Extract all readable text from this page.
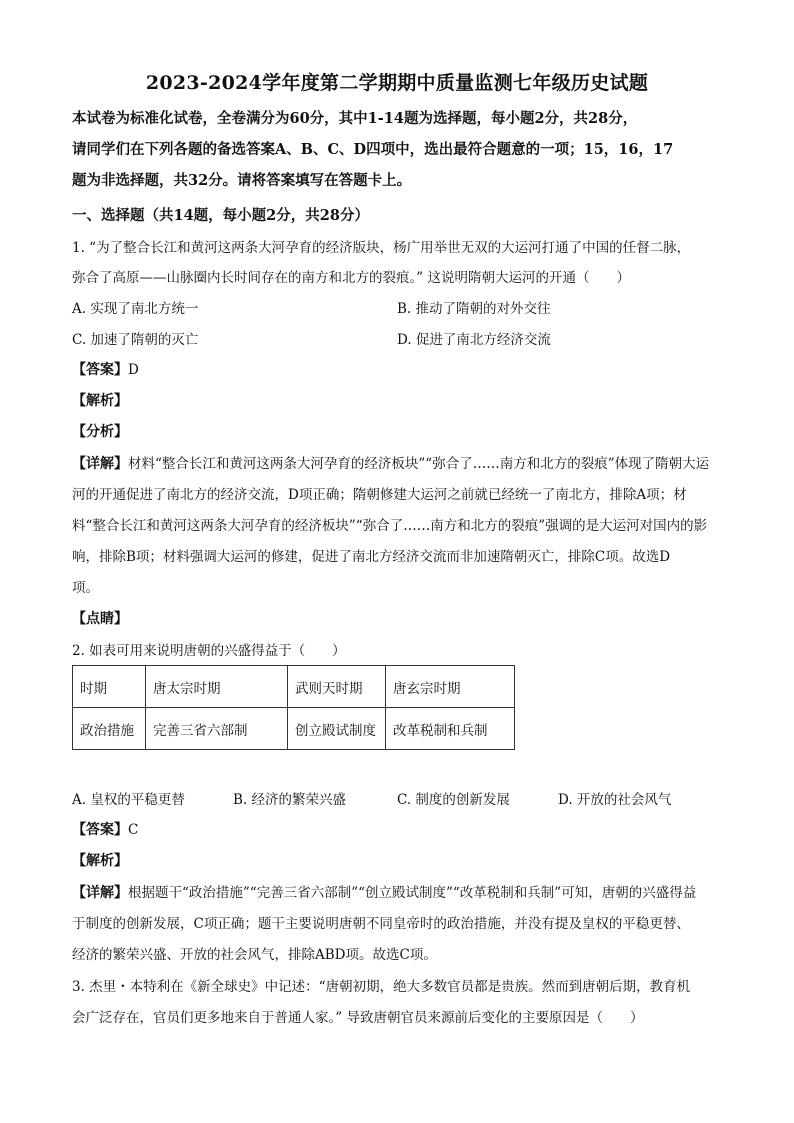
2023-2024学年度第二学期期中质量监测七年级历史试题
本试卷为标准化试卷，全卷满分为60分，其中1-14题为选择题，每小题2分，共28分，
请同学们在下列各题的备选答案A、B、C、D四项中，选出最符合题意的一项；15，16，17
题为非选择题，共32分。请将答案填写在答题卡上。
一、选择题（共14题，每小题2分，共28分）
1. “为了整合长江和黄河这两条大河孕育的经济版块，杨广用举世无双的大运河打通了中国的任督二脉，
弥合了高原——山脉圈内长时间存在的南方和北方的裂痕。” 这说明隋朝大运河的开通（　　）
A. 实现了南北方统一	B. 推动了隋朝的对外交往
C. 加速了隋朝的灭亡	D. 促进了南北方经济交流
【答案】D
【解析】
【分析】
【详解】材料“整合长江和黄河这两条大河孕育的经济板块”“弥合了……南方和北方的裂痕”体现了隋朝大运
河的开通促进了南北方的经济交流，D项正确；隋朝修建大运河之前就已经统一了南北方，排除A项；材
料“整合长江和黄河这两条大河孕育的经济板块”“弥合了……南方和北方的裂痕”强调的是大运河对国内的影
响，排除B项；材料强调大运河的修建，促进了南北方经济交流而非加速隋朝灭亡，排除C项。故选D
项。
【点睛】
2. 如表可用来说明唐朝的兴盛得益于（　　）
时期	唐太宗时期	武则天时期	唐玄宗时期
政治措施	完善三省六部制	创立殿试制度	改革税制和兵制
A. 皇权的平稳更替	B. 经济的繁荣兴盛	C. 制度的创新发展	D. 开放的社会风气
【答案】C
【解析】
【详解】根据题干“政治措施”“完善三省六部制”“创立殿试制度”“改革税制和兵制”可知，唐朝的兴盛得益
于制度的创新发展，C项正确；题干主要说明唐朝不同皇帝时的政治措施，并没有提及皇权的平稳更替、
经济的繁荣兴盛、开放的社会风气，排除ABD项。故选C项。
3. 杰里・本特利在《新全球史》中记述：“唐朝初期，绝大多数官员都是贵族。然而到唐朝后期，教育机
会广泛存在，官员们更多地来自于普通人家。” 导致唐朝官员来源前后变化的主要原因是（　　）
